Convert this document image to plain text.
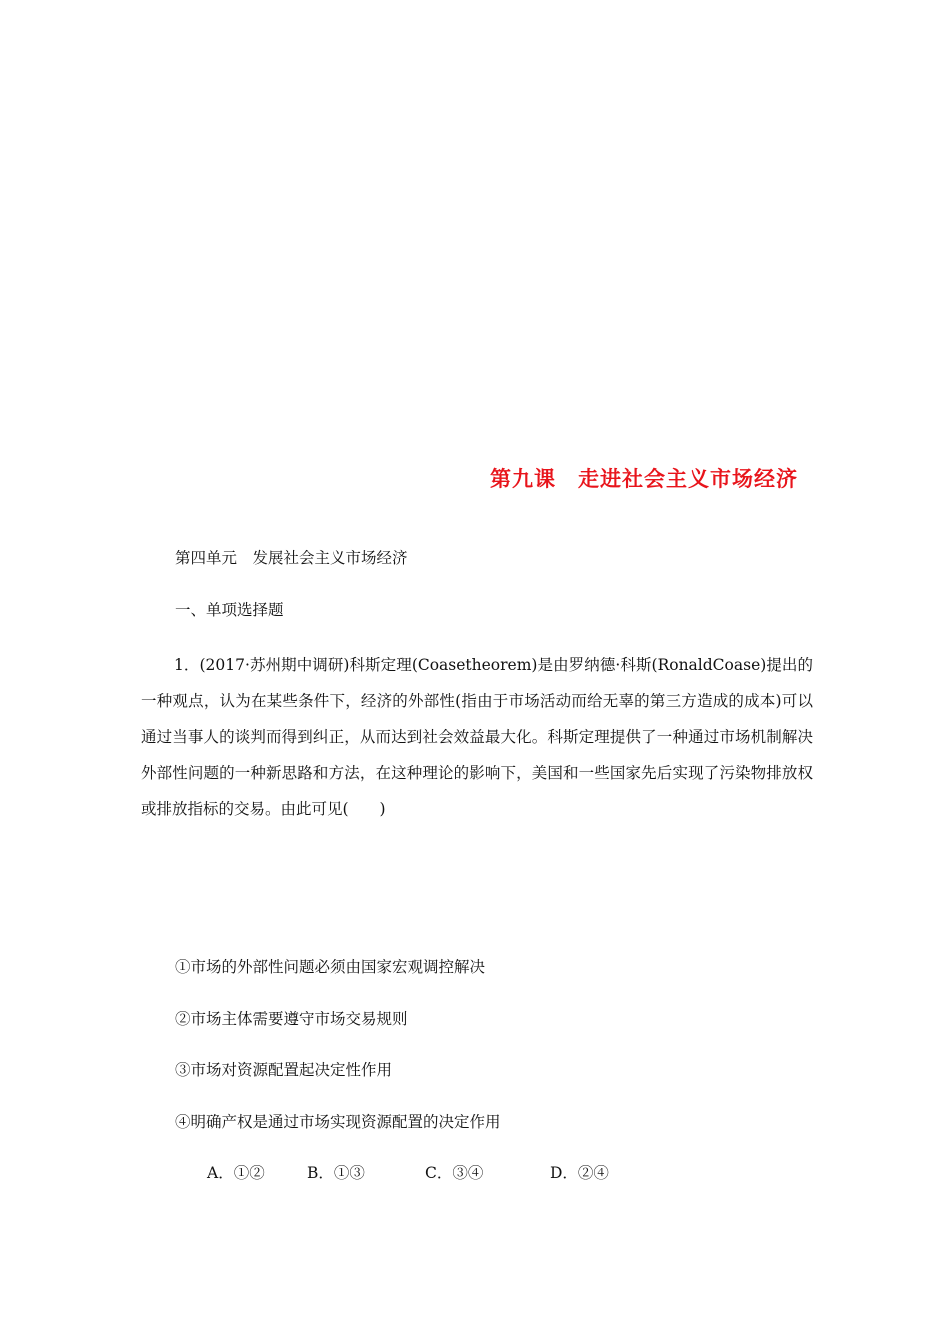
第九课　走进社会主义市场经济
第四单元　发展社会主义市场经济
一、单项选择题
1．(2017·苏州期中调研)科斯定理(Coasetheorem)是由罗纳德·科斯(RonaldCoase)提出的一种观点，认为在某些条件下，经济的外部性(指由于市场活动而给无辜的第三方造成的成本)可以通过当事人的谈判而得到纠正，从而达到社会效益最大化。科斯定理提供了一种通过市场机制解决外部性问题的一种新思路和方法，在这种理论的影响下，美国和一些国家先后实现了污染物排放权或排放指标的交易。由此可见(　　)
①市场的外部性问题必须由国家宏观调控解决
②市场主体需要遵守市场交易规则
③市场对资源配置起决定性作用
④明确产权是通过市场实现资源配置的决定作用

A．①②

	B．①③

	C．③④

	D．②④
